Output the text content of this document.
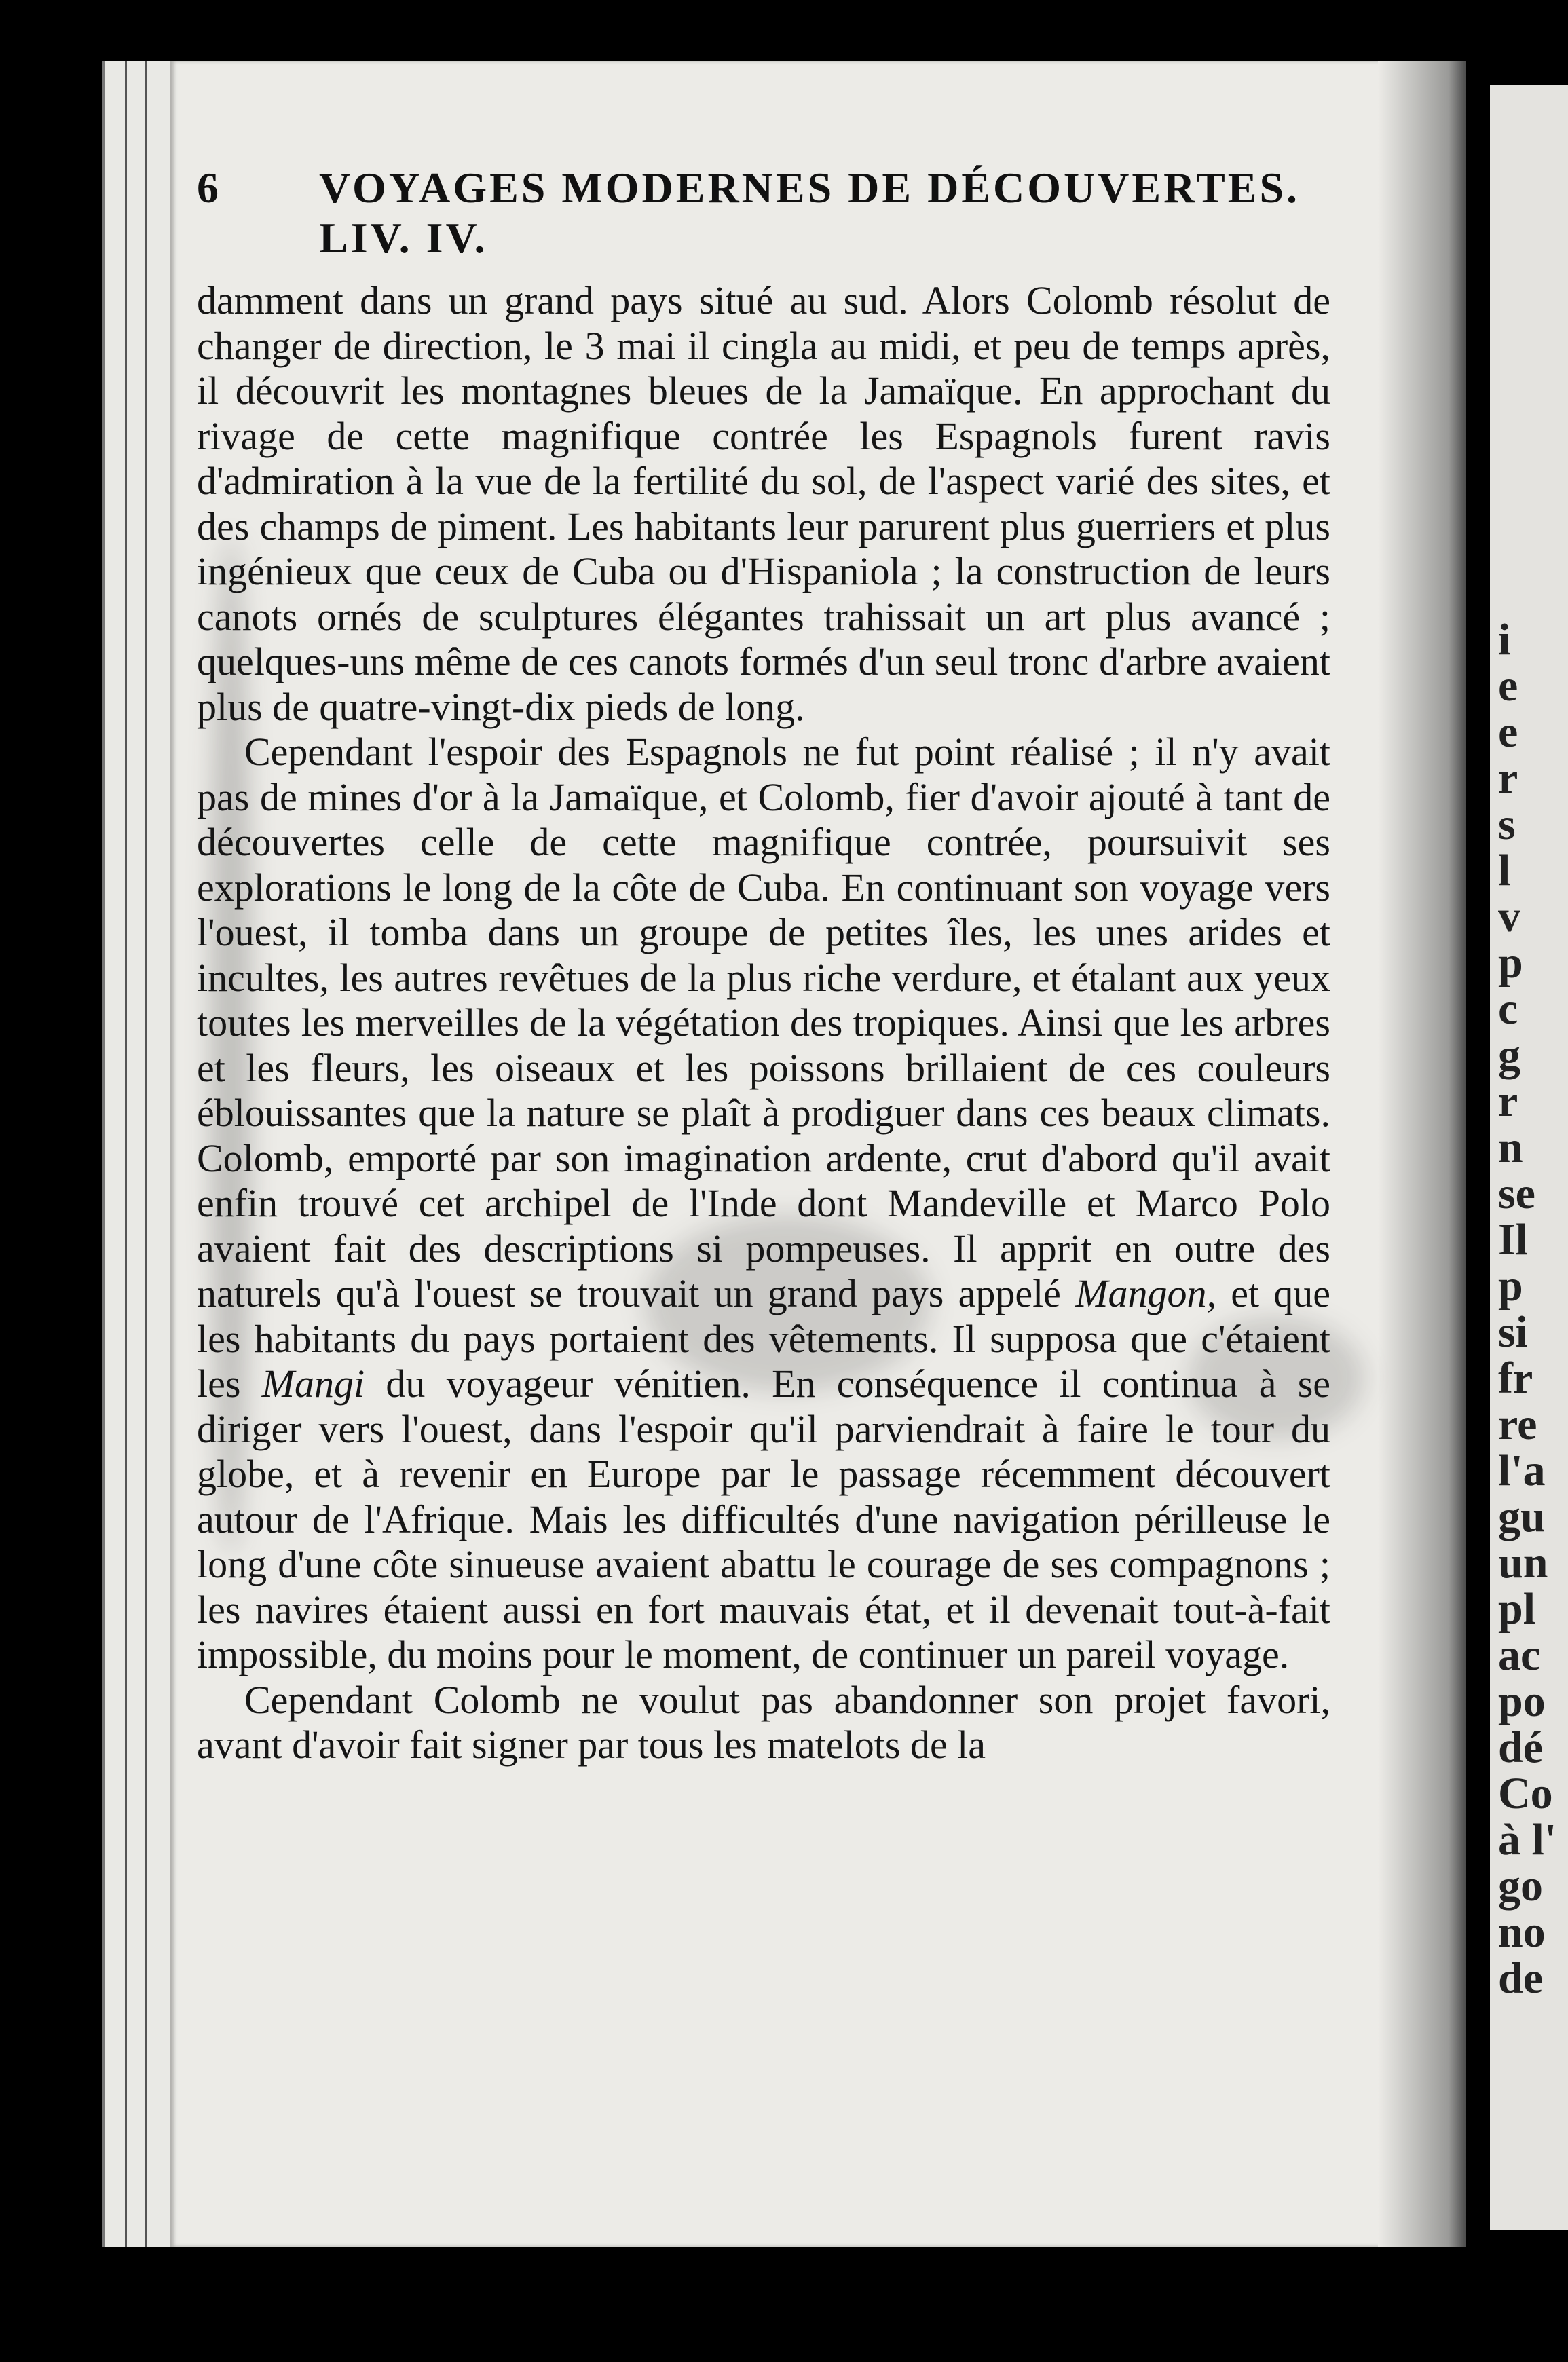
i
e
e
r
s
l
v
p
c
g
r
n
se
Il
p
si
fr
re
l'a
gu
un
pl
ac
po
dé
Co
à l'
go
no
de
6 VOYAGES MODERNES DE DÉCOUVERTES. LIV. IV.

damment dans un grand pays situé au sud. Alors Colomb résolut de changer de direction, le 3 mai il cingla au midi, et peu de temps après, il découvrit les montagnes bleues de la Jamaïque. En approchant du rivage de cette magnifique contrée les Espagnols furent ravis d'admiration à la vue de la fertilité du sol, de l'aspect varié des sites, et des champs de piment. Les habitants leur parurent plus guerriers et plus ingénieux que ceux de Cuba ou d'Hispaniola ; la construction de leurs canots ornés de sculptures élégantes trahissait un art plus avancé ; quelques-uns même de ces canots formés d'un seul tronc d'arbre avaient plus de quatre-vingt-dix pieds de long.

Cependant l'espoir des Espagnols ne fut point réalisé ; il n'y avait pas de mines d'or à la Jamaïque, et Colomb, fier d'avoir ajouté à tant de découvertes celle de cette magnifique contrée, poursuivit ses explorations le long de la côte de Cuba. En continuant son voyage vers l'ouest, il tomba dans un groupe de petites îles, les unes arides et incultes, les autres revêtues de la plus riche verdure, et étalant aux yeux toutes les merveilles de la végétation des tropiques. Ainsi que les arbres et les fleurs, les oiseaux et les poissons brillaient de ces couleurs éblouissantes que la nature se plaît à prodiguer dans ces beaux climats. Colomb, emporté par son imagination ardente, crut d'abord qu'il avait enfin trouvé cet archipel de l'Inde dont Mandeville et Marco Polo avaient fait des descriptions si pompeuses. Il apprit en outre des naturels qu'à l'ouest se trouvait un grand pays appelé Mangon, et que les habitants du pays portaient des vêtements. Il supposa que c'étaient les Mangi du voyageur vénitien. En conséquence il continua à se diriger vers l'ouest, dans l'espoir qu'il parviendrait à faire le tour du globe, et à revenir en Europe par le passage récemment découvert autour de l'Afrique. Mais les difficultés d'une navigation périlleuse le long d'une côte sinueuse avaient abattu le courage de ses compagnons ; les navires étaient aussi en fort mauvais état, et il devenait tout-à-fait impossible, du moins pour le moment, de continuer un pareil voyage.

Cependant Colomb ne voulut pas abandonner son projet favori, avant d'avoir fait signer par tous les matelots de la
